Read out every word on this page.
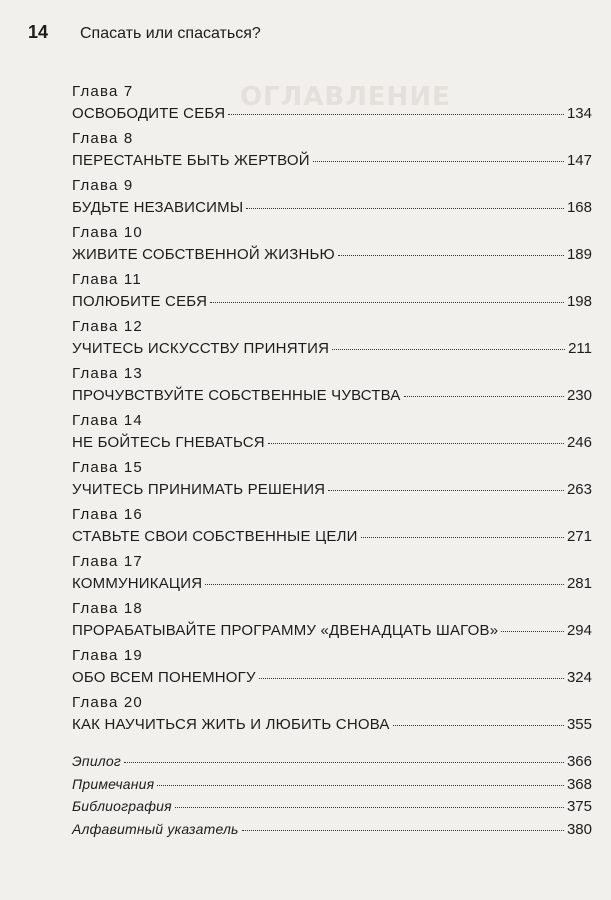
ОГЛАВЛЕНИЕ
14	Спасать или спасаться?
Глава 7
ОСВОБОДИТЕ СЕБЯ	134
Глава 8
ПЕРЕСТАНЬТЕ БЫТЬ ЖЕРТВОЙ	147
Глава 9
БУДЬТЕ НЕЗАВИСИМЫ	168
Глава 10
ЖИВИТЕ СОБСТВЕННОЙ ЖИЗНЬЮ	189
Глава 11
ПОЛЮБИТЕ СЕБЯ	198
Глава 12
УЧИТЕСЬ ИСКУССТВУ ПРИНЯТИЯ	211
Глава 13
ПРОЧУВСТВУЙТЕ СОБСТВЕННЫЕ ЧУВСТВА	230
Глава 14
НЕ БОЙТЕСЬ ГНЕВАТЬСЯ	246
Глава 15
УЧИТЕСЬ ПРИНИМАТЬ РЕШЕНИЯ	263
Глава 16
СТАВЬТЕ СВОИ СОБСТВЕННЫЕ ЦЕЛИ	271
Глава 17
КОММУНИКАЦИЯ	281
Глава 18
ПРОРАБАТЫВАЙТЕ ПРОГРАММУ «ДВЕНАДЦАТЬ ШАГОВ»	294
Глава 19
ОБО ВСЕМ ПОНЕМНОГУ	324
Глава 20
КАК НАУЧИТЬСЯ ЖИТЬ И ЛЮБИТЬ СНОВА	355
Эпилог	366
Примечания	368
Библиография	375
Алфавитный указатель	380
